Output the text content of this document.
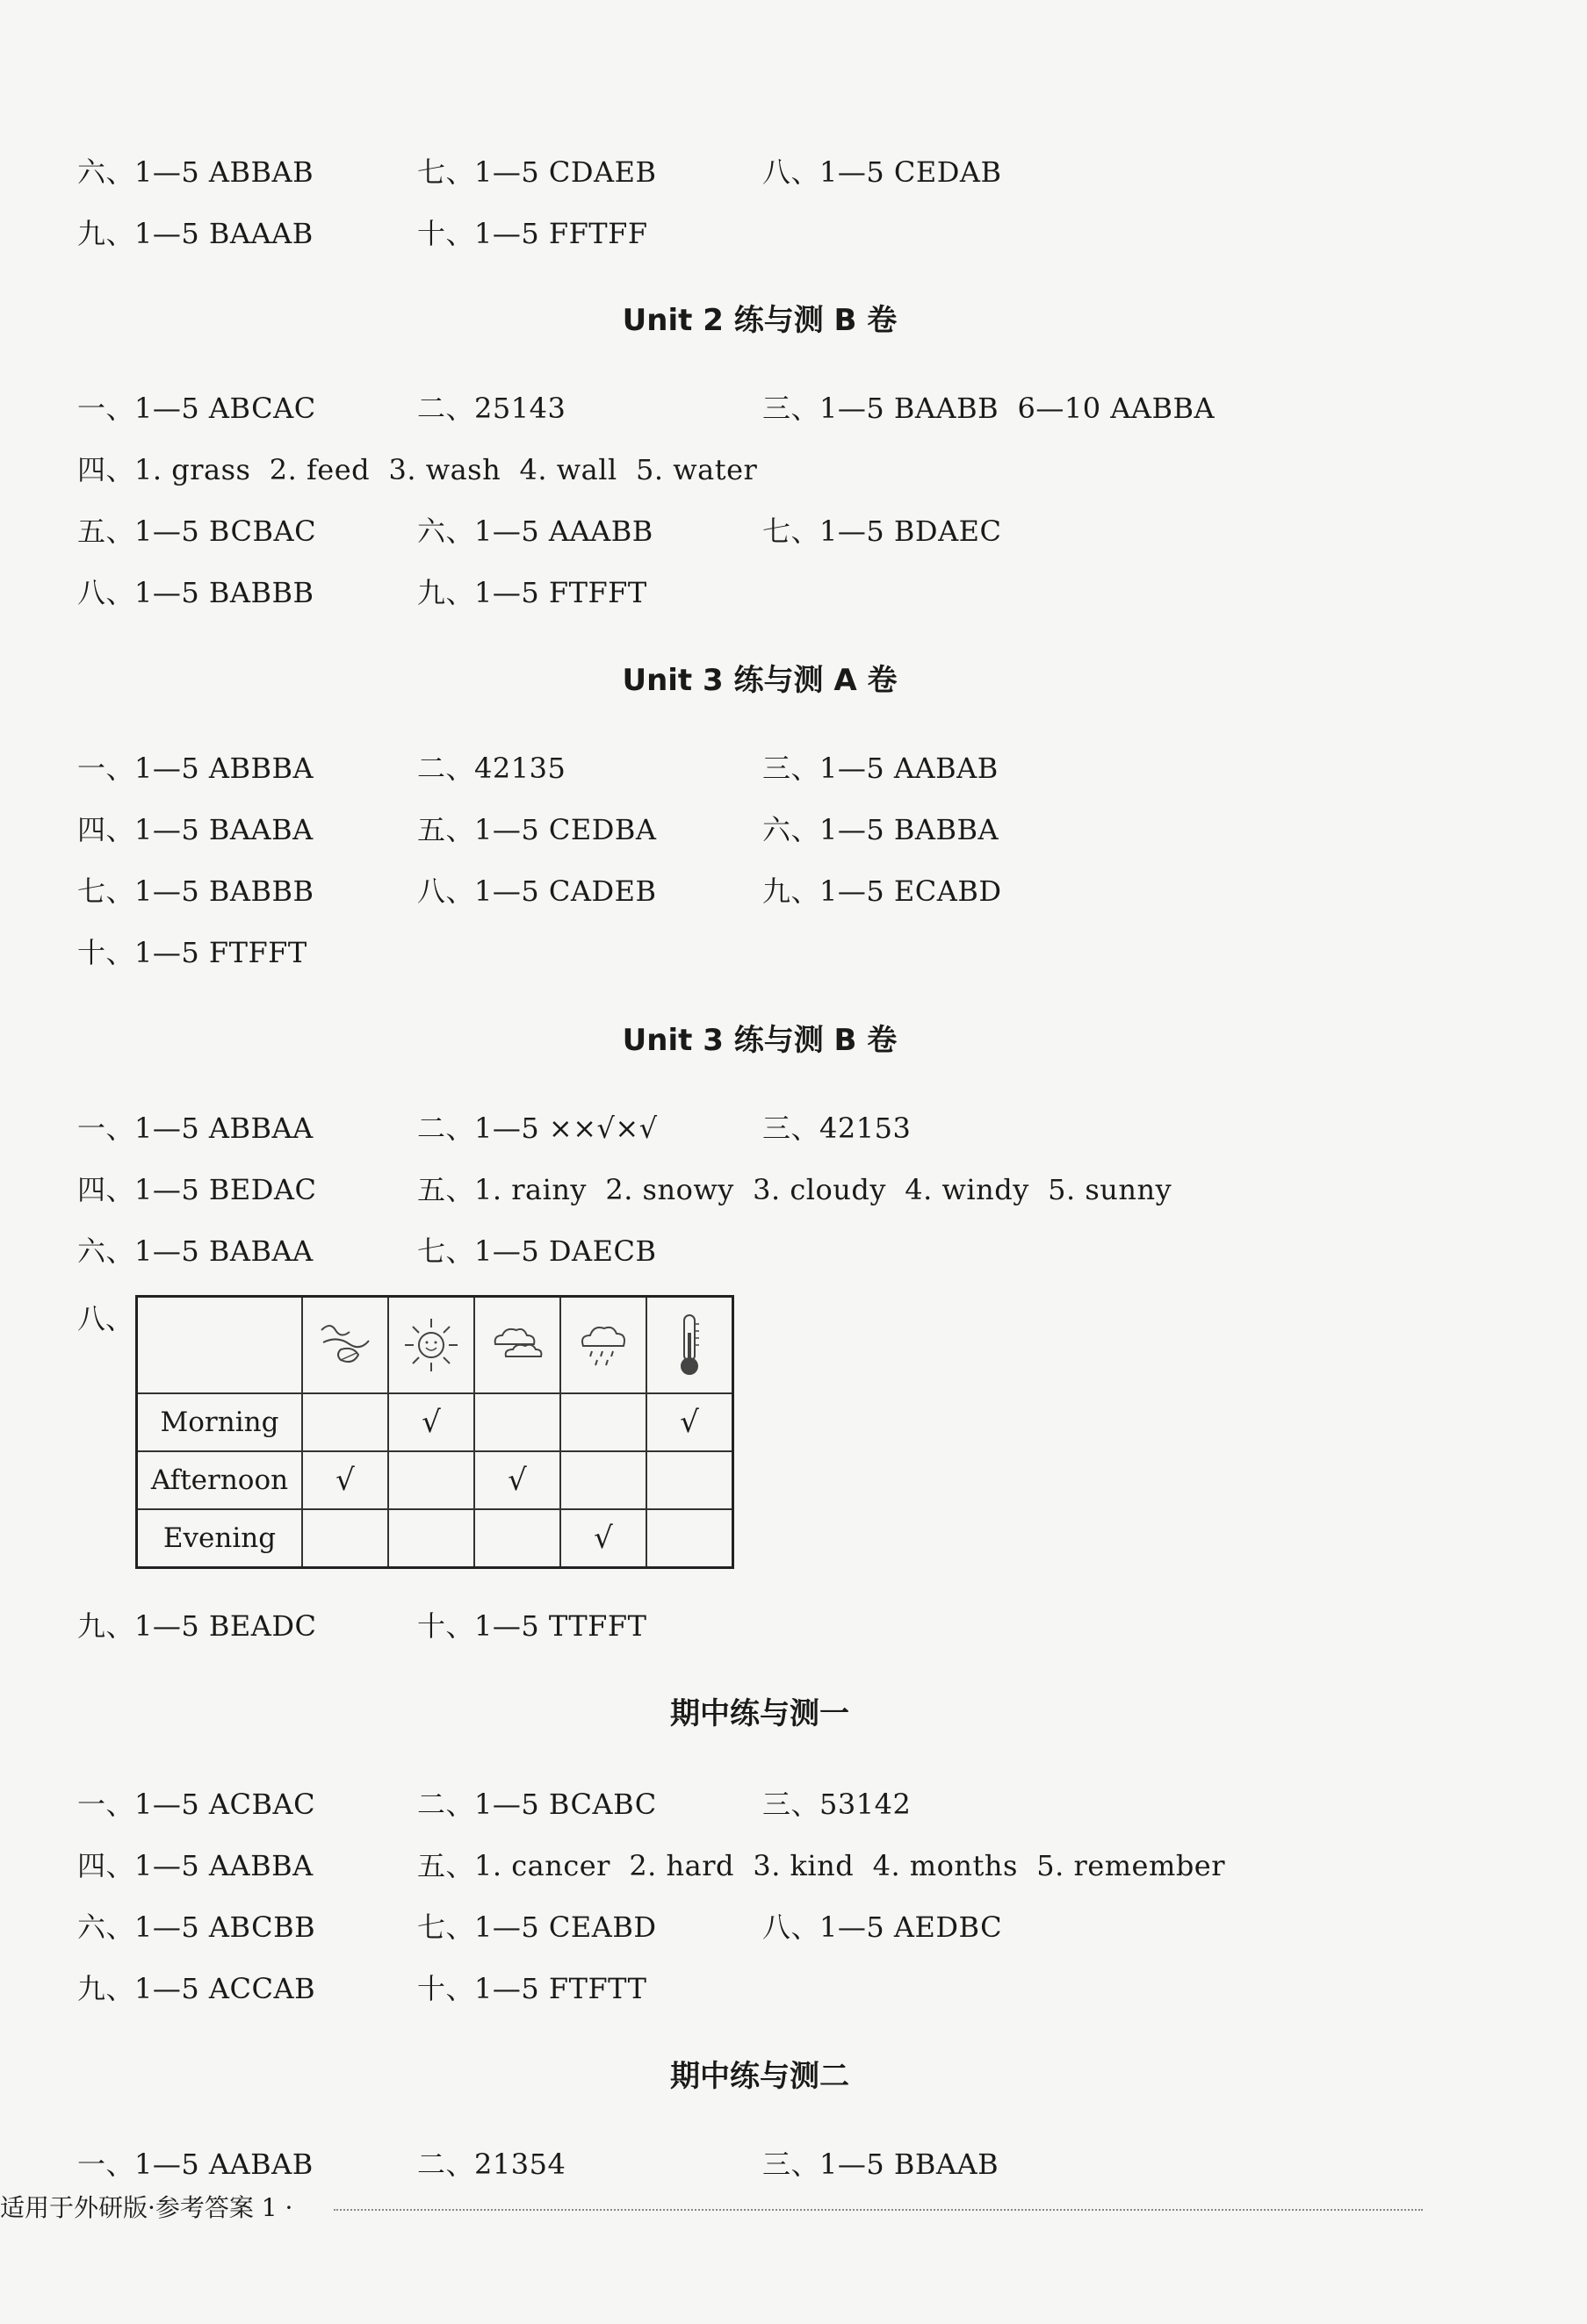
六、1—5 ABBAB	七、1—5 CDAEB	八、1—5 CEDAB
九、1—5 BAAAB	十、1—5 FFTFF
Unit 2 练与测 B 卷
一、1—5 ABCAC	二、25143	三、1—5 BAABB  6—10 AABBA
四、1. grass  2. feed  3. wash  4. wall  5. water
五、1—5 BCBAC	六、1—5 AAABB	七、1—5 BDAEC
八、1—5 BABBB	九、1—5 FTFFT
Unit 3 练与测 A 卷
一、1—5 ABBBA	二、42135	三、1—5 AABAB
四、1—5 BAABA	五、1—5 CEDBA	六、1—5 BABBA
七、1—5 BABBB	八、1—5 CADEB	九、1—5 ECABD
十、1—5 FTFFT
Unit 3 练与测 B 卷
一、1—5 ABBAA	二、1—5 ××√×√	三、42153
四、1—5 BEDAC	五、1. rainy  2. snowy  3. cloudy  4. windy  5. sunny
六、1—5 BABAA	七、1—5 DAECB
八、

Morning		√			√
Afternoon	√		√		
Evening				√	
九、1—5 BEADC	十、1—5 TTFFT
期中练与测一
一、1—5 ACBAC	二、1—5 BCABC	三、53142
四、1—5 AABBA	五、1. cancer  2. hard  3. kind  4. months  5. remember
六、1—5 ABCBB	七、1—5 CEABD	八、1—5 AEDBC
九、1—5 ACCAB	十、1—5 FTFTT
期中练与测二
一、1—5 AABAB	二、21354	三、1—5 BBAAB
适用于外研版·参考答案 1 ·
